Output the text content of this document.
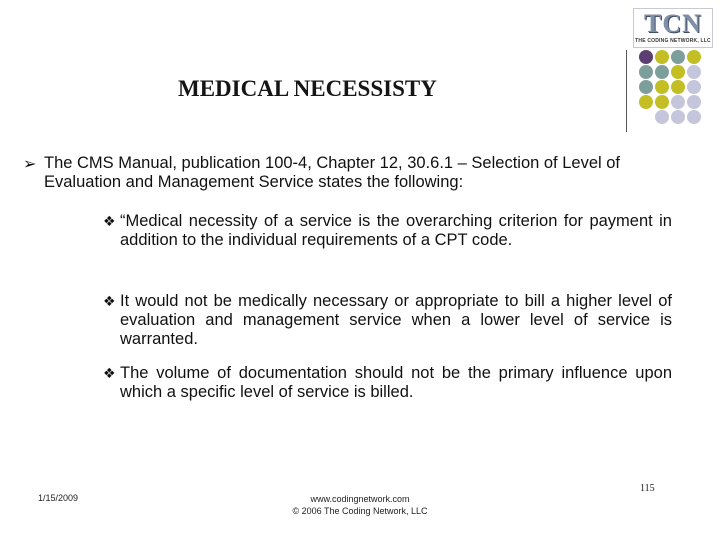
TCN
THE CODING NETWORK, LLC
MEDICAL NECESSISTY
➢ The CMS Manual, publication 100-4, Chapter 12, 30.6.1 – Selection of Level of Evaluation and Management Service states the following:
❖ “Medical necessity of a service is the overarching criterion for payment in addition to the individual requirements of a CPT code.
❖ It would not be medically necessary or appropriate to bill a higher level of evaluation and management service when a lower level of service is warranted.
❖ The volume of documentation should not be the primary influence upon which a specific level of service is billed.
115
1/15/2009	www.codingnetwork.com
© 2006 The Coding Network, LLC
